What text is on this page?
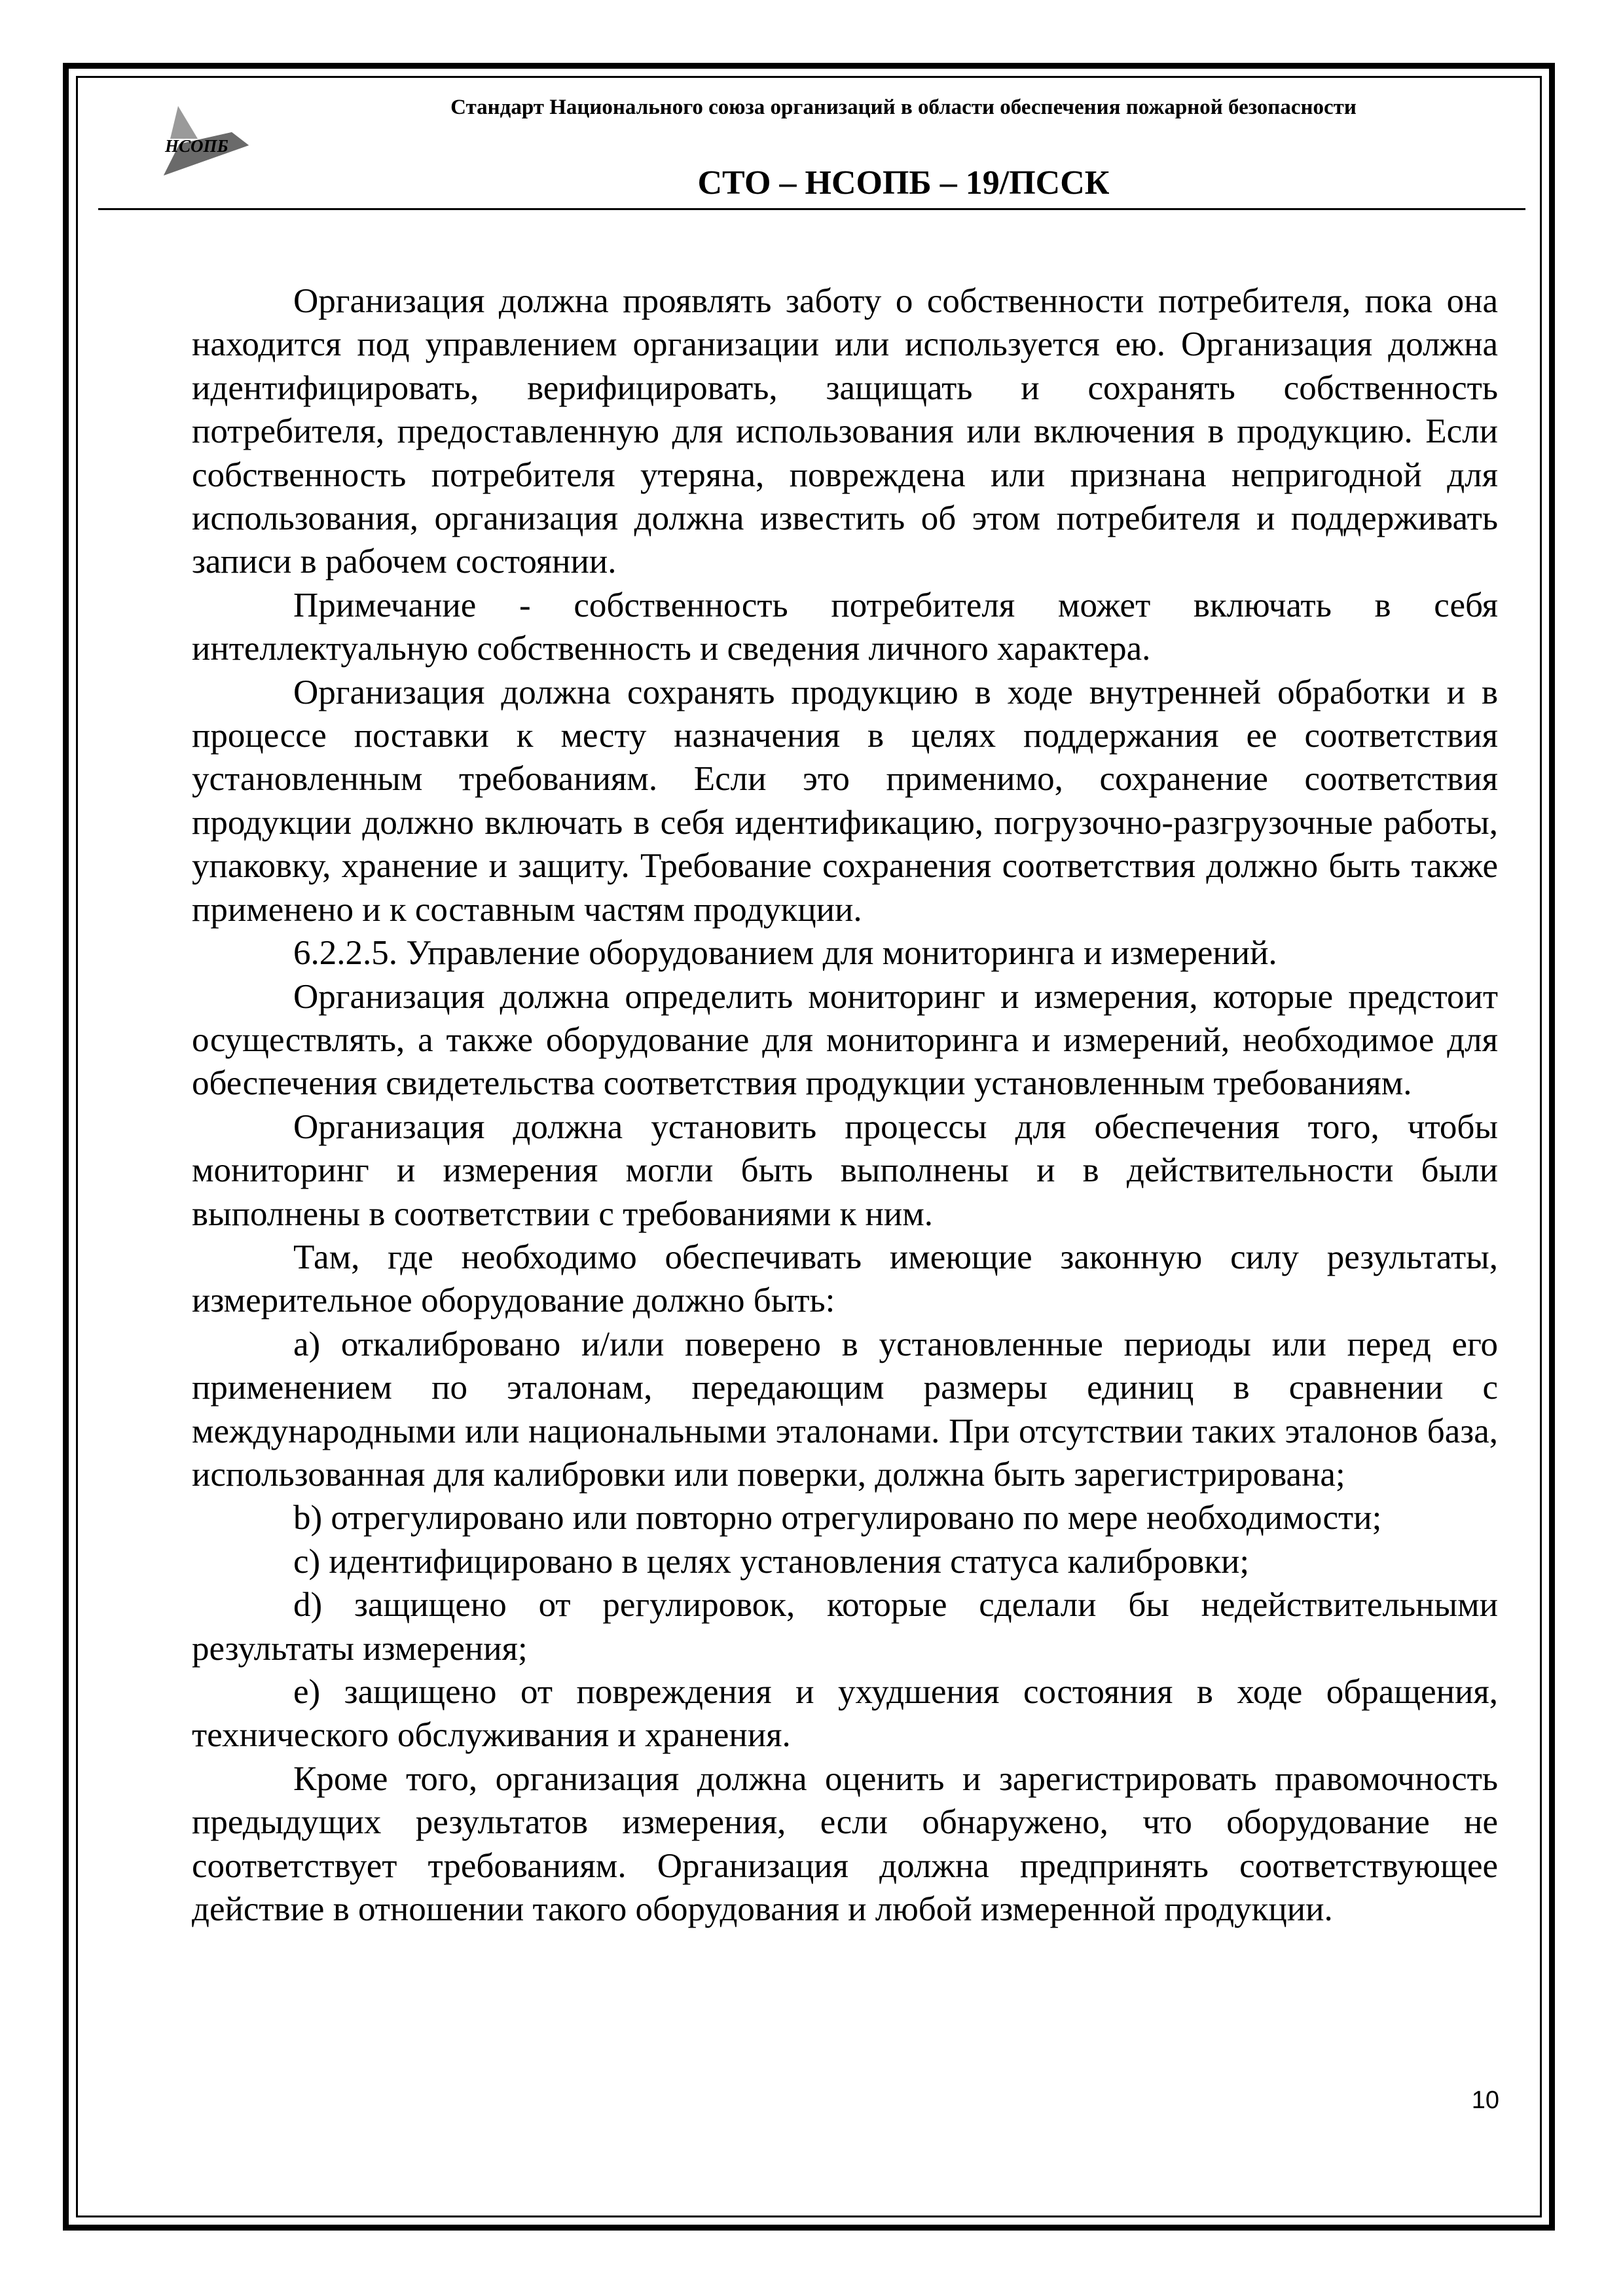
НСОПБ
Стандарт Национального союза организаций в области обеспечения пожарной безопасности
СТО – НСОПБ – 19/ПССК

Организация должна проявлять заботу о собственности потребителя, пока она находится под управлением организации или используется ею. Организация должна идентифицировать, верифицировать, защищать и сохранять собственность потребителя, предоставленную для использования или включения в продукцию. Если собственность потребителя утеряна, повреждена или признана непригодной для использования, организация должна известить об этом потребителя и поддерживать записи в рабочем состоянии.

Примечание - собственность потребителя может включать в себя интеллектуальную собственность и сведения личного характера.

Организация должна сохранять продукцию в ходе внутренней обработки и в процессе поставки к месту назначения в целях поддержания ее соответствия установленным требованиям. Если это применимо, сохранение соответствия продукции должно включать в себя идентификацию, погрузочно-разгрузочные работы, упаковку, хранение и защиту. Требование сохранения соответствия должно быть также применено и к составным частям продукции.

6.2.2.5. Управление оборудованием для мониторинга и измерений.

Организация должна определить мониторинг и измерения, которые предстоит осуществлять, а также оборудование для мониторинга и измерений, необходимое для обеспечения свидетельства соответствия продукции установленным требованиям.

Организация должна установить процессы для обеспечения того, чтобы мониторинг и измерения могли быть выполнены и в действительности были выполнены в соответствии с требованиями к ним.

Там, где необходимо обеспечивать имеющие законную силу результаты, измерительное оборудование должно быть:

a) откалибровано и/или поверено в установленные периоды или перед его применением по эталонам, передающим размеры единиц в сравнении с международными или национальными эталонами. При отсутствии таких эталонов база, использованная для калибровки или поверки, должна быть зарегистрирована;

b) отрегулировано или повторно отрегулировано по мере необходимости;

c) идентифицировано в целях установления статуса калибровки;

d) защищено от регулировок, которые сделали бы недействительными результаты измерения;

e) защищено от повреждения и ухудшения состояния в ходе обращения, технического обслуживания и хранения.

Кроме того, организация должна оценить и зарегистрировать правомочность предыдущих результатов измерения, если обнаружено, что оборудование не соответствует требованиям. Организация должна предпринять соответствующее действие в отношении такого оборудования и любой измеренной продукции.

10
